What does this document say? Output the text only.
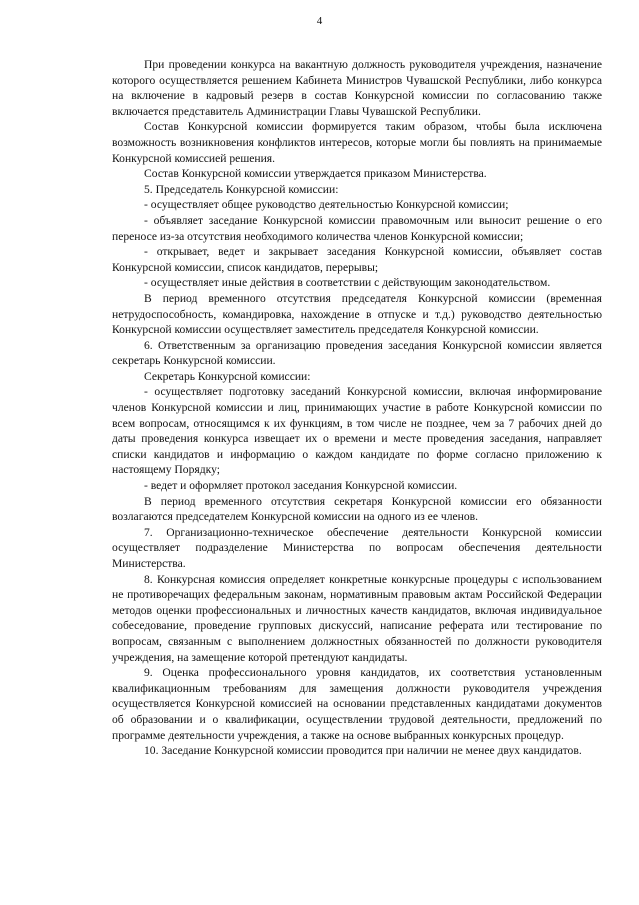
4

При проведении конкурса на вакантную должность руководителя учреждения, назначение которого осуществляется решением Кабинета Министров Чувашской Республики, либо конкурса на включение в кадровый резерв в состав Конкурсной комиссии по согласованию также включается представитель Администрации Главы Чувашской Республики.

Состав Конкурсной комиссии формируется таким образом, чтобы была исключена возможность возникновения конфликтов интересов, которые могли бы повлиять на принимаемые Конкурсной комиссией решения.

Состав Конкурсной комиссии утверждается приказом Министерства.

5. Председатель Конкурсной комиссии:

- осуществляет общее руководство деятельностью Конкурсной комиссии;

- объявляет заседание Конкурсной комиссии правомочным или выносит решение о его переносе из-за отсутствия необходимого количества членов Конкурсной комиссии;

- открывает, ведет и закрывает заседания Конкурсной комиссии, объявляет состав Конкурсной комиссии, список кандидатов, перерывы;

- осуществляет иные действия в соответствии с действующим законодательством.

В период временного отсутствия председателя Конкурсной комиссии (временная нетрудоспособность, командировка, нахождение в отпуске и т.д.) руководство деятельностью Конкурсной комиссии осуществляет заместитель председателя Конкурсной комиссии.

6. Ответственным за организацию проведения заседания Конкурсной комиссии является секретарь Конкурсной комиссии.

Секретарь Конкурсной комиссии:

- осуществляет подготовку заседаний Конкурсной комиссии, включая информирование членов Конкурсной комиссии и лиц, принимающих участие в работе Конкурсной комиссии по всем вопросам, относящимся к их функциям, в том числе не позднее, чем за 7 рабочих дней до даты проведения конкурса извещает их о времени и месте проведения заседания, направляет списки кандидатов и информацию о каждом кандидате по форме согласно приложению к настоящему Порядку;

- ведет и оформляет протокол заседания Конкурсной комиссии.

В период временного отсутствия секретаря Конкурсной комиссии его обязанности возлагаются председателем Конкурсной комиссии на одного из ее членов.

7. Организационно-техническое обеспечение деятельности Конкурсной комиссии осуществляет подразделение Министерства по вопросам обеспечения деятельности Министерства.

8. Конкурсная комиссия определяет конкретные конкурсные процедуры с использованием не противоречащих федеральным законам, нормативным правовым актам Российской Федерации методов оценки профессиональных и личностных качеств кандидатов, включая индивидуальное собеседование, проведение групповых дискуссий, написание реферата или тестирование по вопросам, связанным с выполнением должностных обязанностей по должности руководителя учреждения, на замещение которой претендуют кандидаты.

9. Оценка профессионального уровня кандидатов, их соответствия установленным квалификационным требованиям для замещения должности руководителя учреждения осуществляется Конкурсной комиссией на основании представленных кандидатами документов об образовании и о квалификации, осуществлении трудовой деятельности, предложений по программе деятельности учреждения, а также на основе выбранных конкурсных процедур.

10. Заседание Конкурсной комиссии проводится при наличии не менее двух кандидатов.
